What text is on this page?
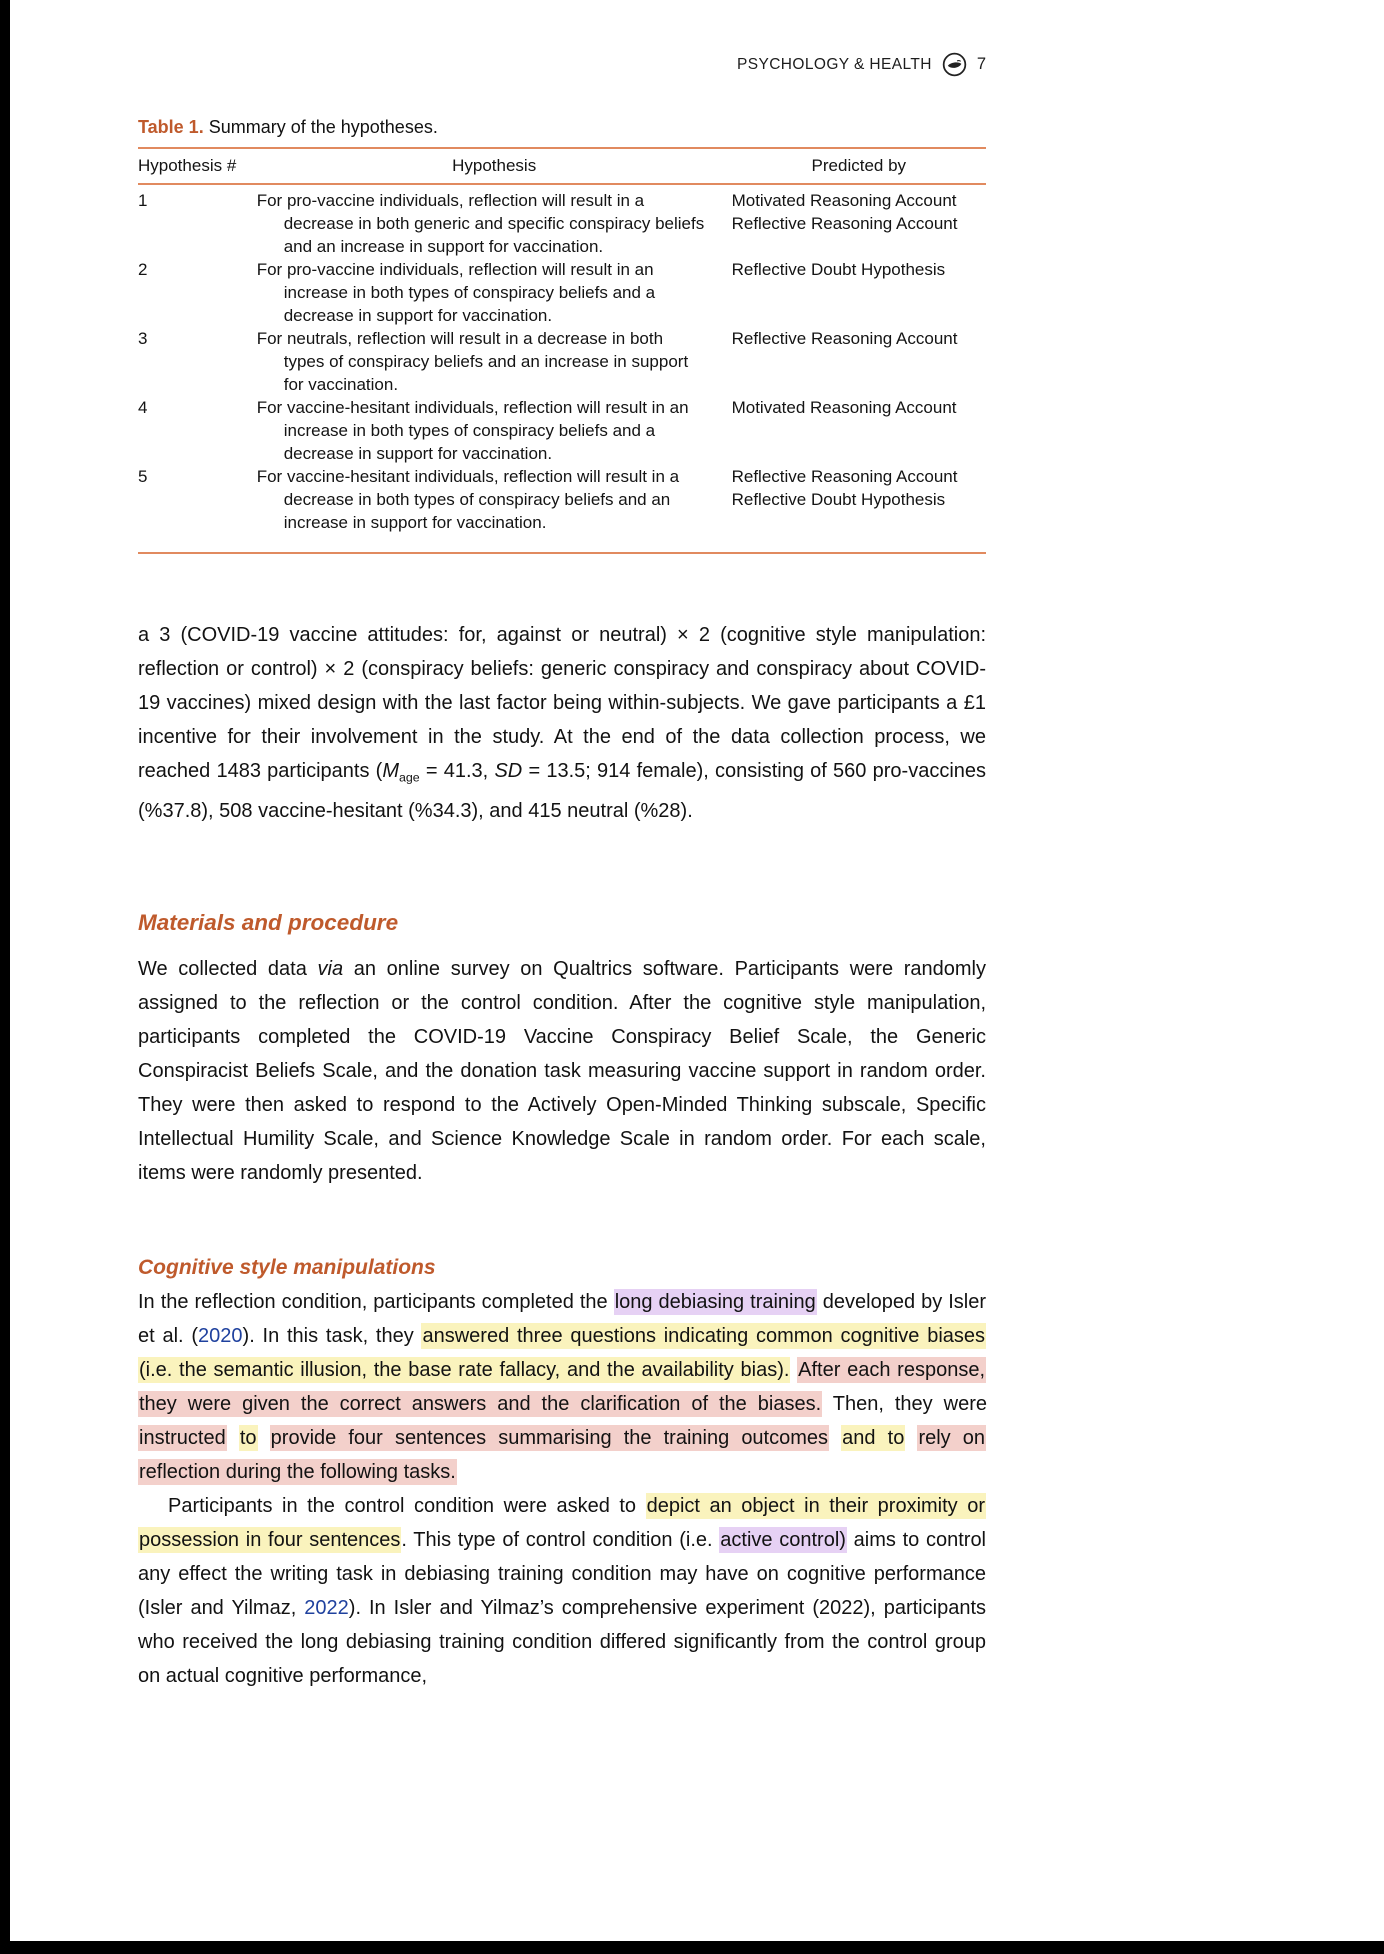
PSYCHOLOGY & HEALTH	7

Table 1. Summary of the hypotheses.

Hypothesis #	Hypothesis	Predicted by
1	For pro-vaccine individuals, reflection will result in a decrease in both generic and specific conspiracy beliefs and an increase in support for vaccination.	Motivated Reasoning Account
Reflective Reasoning Account

2	For pro-vaccine individuals, reflection will result in an increase in both types of conspiracy beliefs and a decrease in support for vaccination.	Reflective Doubt Hypothesis

3	For neutrals, reflection will result in a decrease in both types of conspiracy beliefs and an increase in support for vaccination.	Reflective Reasoning Account

4	For vaccine-hesitant individuals, reflection will result in an increase in both types of conspiracy beliefs and a decrease in support for vaccination.	Motivated Reasoning Account

5	For vaccine-hesitant individuals, reflection will result in a decrease in both types of conspiracy beliefs and an increase in support for vaccination.	Reflective Reasoning Account
Reflective Doubt Hypothesis

a 3 (COVID-19 vaccine attitudes: for, against or neutral) × 2 (cognitive style manipulation: reflection or control) × 2 (conspiracy beliefs: generic conspiracy and conspiracy about COVID-19 vaccines) mixed design with the last factor being within-subjects. We gave participants a £1 incentive for their involvement in the study. At the end of the data collection process, we reached 1483 participants ($M_{age} = 41.3$, SD = 13.5; 914 female), consisting of 560 pro-vaccines (%37.8), 508 vaccine-hesitant (%34.3), and 415 neutral (%28).

Materials and procedure

We collected data via an online survey on Qualtrics software. Participants were randomly assigned to the reflection or the control condition. After the cognitive style manipulation, participants completed the COVID-19 Vaccine Conspiracy Belief Scale, the Generic Conspiracist Beliefs Scale, and the donation task measuring vaccine support in random order. They were then asked to respond to the Actively Open-Minded Thinking subscale, Specific Intellectual Humility Scale, and Science Knowledge Scale in random order. For each scale, items were randomly presented.

Cognitive style manipulations

In the reflection condition, participants completed the long debiasing training developed by Isler et al. (2020). In this task, they answered three questions indicating common cognitive biases (i.e. the semantic illusion, the base rate fallacy, and the availability bias). After each response, they were given the correct answers and the clarification of the biases. Then, they were instructed to provide four sentences summarising the training outcomes and to rely on reflection during the following tasks.

Participants in the control condition were asked to depict an object in their proximity or possession in four sentences. This type of control condition (i.e. active control) aims to control any effect the writing task in debiasing training condition may have on cognitive performance (Isler and Yilmaz, 2022). In Isler and Yilmaz’s comprehensive experiment (2022), participants who received the long debiasing training condition differed significantly from the control group on actual cognitive performance,
